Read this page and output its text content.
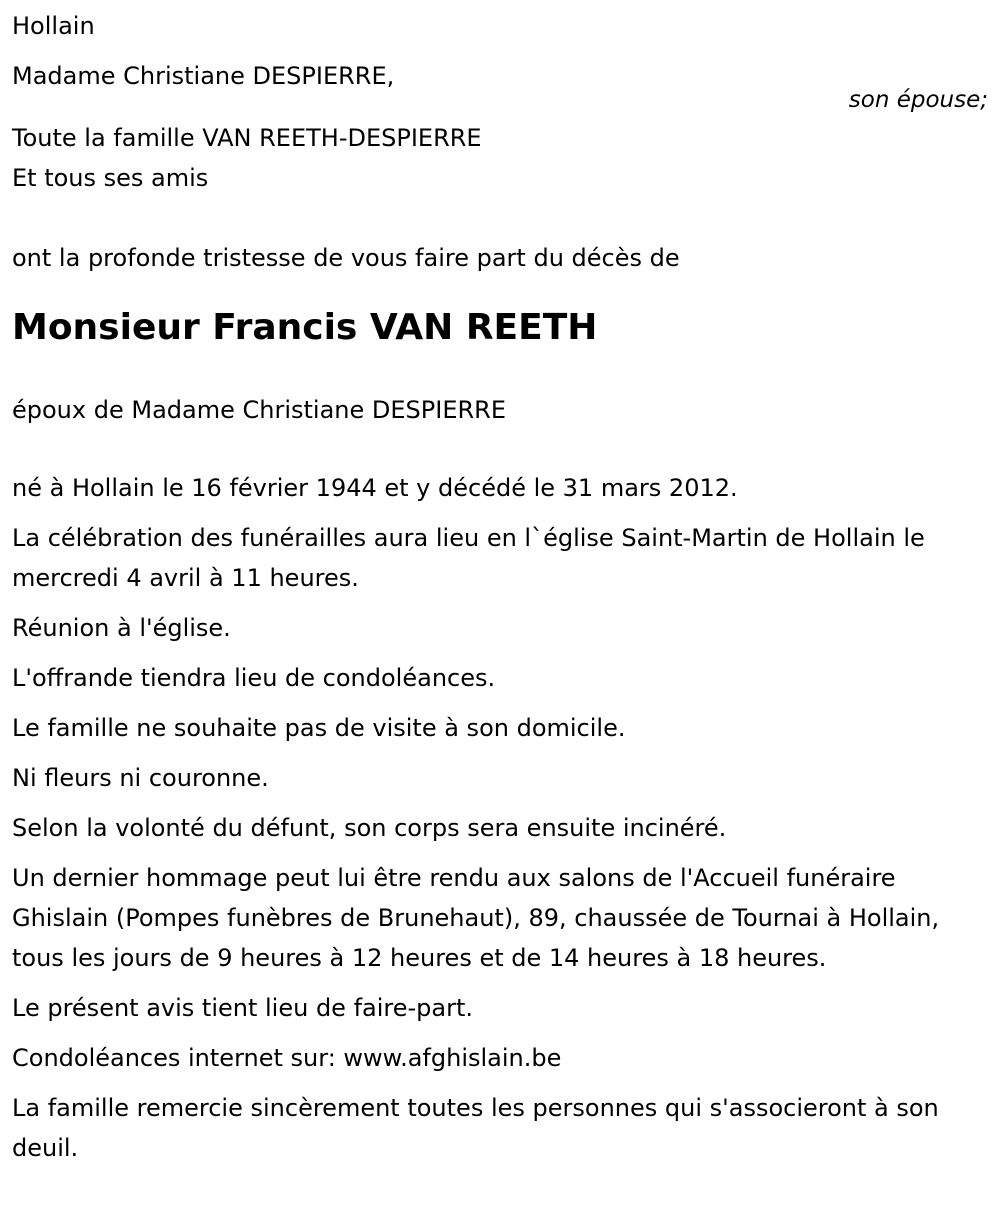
Hollain
Madame Christiane DESPIERRE,
son épouse;
Toute la famille VAN REETH-DESPIERRE
Et tous ses amis
ont la profonde tristesse de vous faire part du décès de
Monsieur Francis VAN REETH
époux de Madame Christiane DESPIERRE

né à Hollain le 16 février 1944 et y décédé le 31 mars 2012.

La célébration des funérailles aura lieu en l`église Saint-Martin de Hollain le mercredi 4 avril à 11 heures.

Réunion à l'église.

L'offrande tiendra lieu de condoléances.

Le famille ne souhaite pas de visite à son domicile.

Ni fleurs ni couronne.

Selon la volonté du défunt, son corps sera ensuite incinéré.

Un dernier hommage peut lui être rendu aux salons de l'Accueil funéraire Ghislain (Pompes funèbres de Brunehaut), 89, chaussée de Tournai à Hollain, tous les jours de 9 heures à 12 heures et de 14 heures à 18 heures.

Le présent avis tient lieu de faire-part.

Condoléances internet sur: www.afghislain.be

La famille remercie sincèrement toutes les personnes qui s'associeront à son deuil.
